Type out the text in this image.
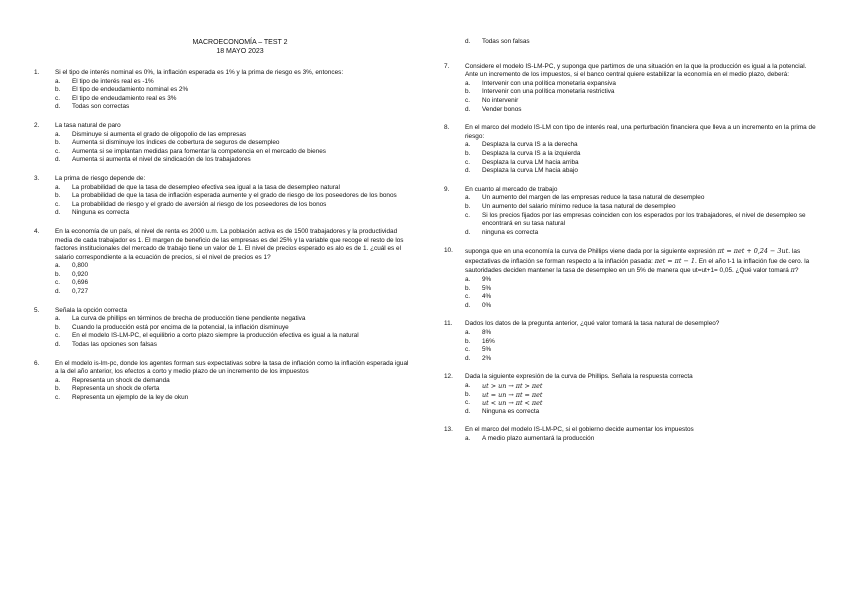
MACROECONOMÍA – TEST 2
18 MAYO 2023
1. Si el tipo de interés nominal es 0%, la inflación esperada es 1% y la prima de riesgo es 3%, entonces:
a. El tipo de interés real es -1%
b. El tipo de endeudamiento nominal es 2%
c. El tipo de endeudamiento real es 3%
d. Todas son correctas
2. La tasa natural de paro
a. Disminuye si aumenta el grado de oligopolio de las empresas
b. Aumenta si disminuye los índices de cobertura de seguros de desempleo
c. Aumenta si se implantan medidas para fomentar la competencia en el mercado de bienes
d. Aumenta si aumenta el nivel de sindicación de los trabajadores
3. La prima de riesgo depende de:
a. La probabilidad de que la tasa de desempleo efectiva sea igual a la tasa de desempleo natural
b. La probabilidad de que la tasa de inflación esperada aumente y el grado de riesgo de los poseedores de los bonos
c. La probabilidad de riesgo y el grado de aversión al riesgo de los poseedores de los bonos
d. Ninguna es correcta
4. En la economía de un país, el nivel de renta es 2000 u.m. La población activa es de 1500 trabajadores y la productividad media de cada trabajador es 1. El margen de beneficio de las empresas es del 25% y la variable que recoge el resto de los factores institucionales del mercado de trabajo tiene un valor de 1. El nivel de precios esperado es alo es de 1. ¿cuál es el salario correspondiente a la ecuación de precios, si el nivel de precios es 1?
a. 0,800
b. 0,920
c. 0,696
d. 0,727
5. Señala la opción correcta
a. La curva de phillips en términos de brecha de producción tiene pendiente negativa
b. Cuando la producción está por encima de la potencial, la inflación disminuye
c. En el modelo IS-LM-PC, el equilibrio a corto plazo siempre la producción efectiva es igual a la natural
d. Todas las opciones son falsas
6. En el modelo is-lm-pc, donde los agentes forman sus expectativas sobre la tasa de inflación como la inflación esperada igual a la del año anterior, los efectos a corto y medio plazo de un incremento de los impuestos
a. Representa un shock de demanda
b. Representa un shock de oferta
c. Representa un ejemplo de la ley de okun
d. Todas son falsas
7. Considere el modelo IS-LM-PC, y suponga que partimos de una situación en la que la producción es igual a la potencial. Ante un incremento de los impuestos, si el banco central quiere estabilizar la economía en el medio plazo, deberá:
a. Intervenir con una política monetaria expansiva
b. Intervenir con una política monetaria restrictiva
c. No intervenir
d. Vender bonos
8. En el marco del modelo IS-LM con tipo de interés real, una perturbación financiera que lleva a un incremento en la prima de riesgo:
a. Desplaza la curva IS a la derecha
b. Desplaza la curva IS a la izquierda
c. Desplaza la curva LM hacia arriba
d. Desplaza la curva LM hacia abajo
9. En cuanto al mercado de trabajo
a. Un aumento del margen de las empresas reduce la tasa natural de desempleo
b. Un aumento del salario mínimo reduce la tasa natural de desempleo
c. Si los precios fijados por las empresas coinciden con los esperados por los trabajadores, el nivel de desempleo se encontrará en su tasa natural
d. ninguna es correcta
10. suponga que en una economía la curva de Phillips viene dada por la siguiente expresión πt = πet + 0,24 − 3ut. las expectativas de inflación se forman respecto a la inflación pasada: πet = πt − 1. En el año t-1 la inflación fue de cero. la sautoridades deciden mantener la tasa de desempleo en un 5% de manera que ut=ut+1= 0,05. ¿Qué valor tomará π?
a. 9%
b. 5%
c. 4%
d. 0%
11. Dados los datos de la pregunta anterior, ¿qué valor tomará la tasa natural de desempleo?
a. 8%
b. 16%
c. 5%
d. 2%
12. Dada la siguiente expresión de la curva de Phillips. Señala la respuesta correcta
a. ut > un → πt > πet
b. ut = un → πt = πet
c. ut < un → πt < πet
d. Ninguna es correcta
13. En el marco del modelo IS-LM-PC, si el gobierno decide aumentar los impuestos
a. A medio plazo aumentará la producción
